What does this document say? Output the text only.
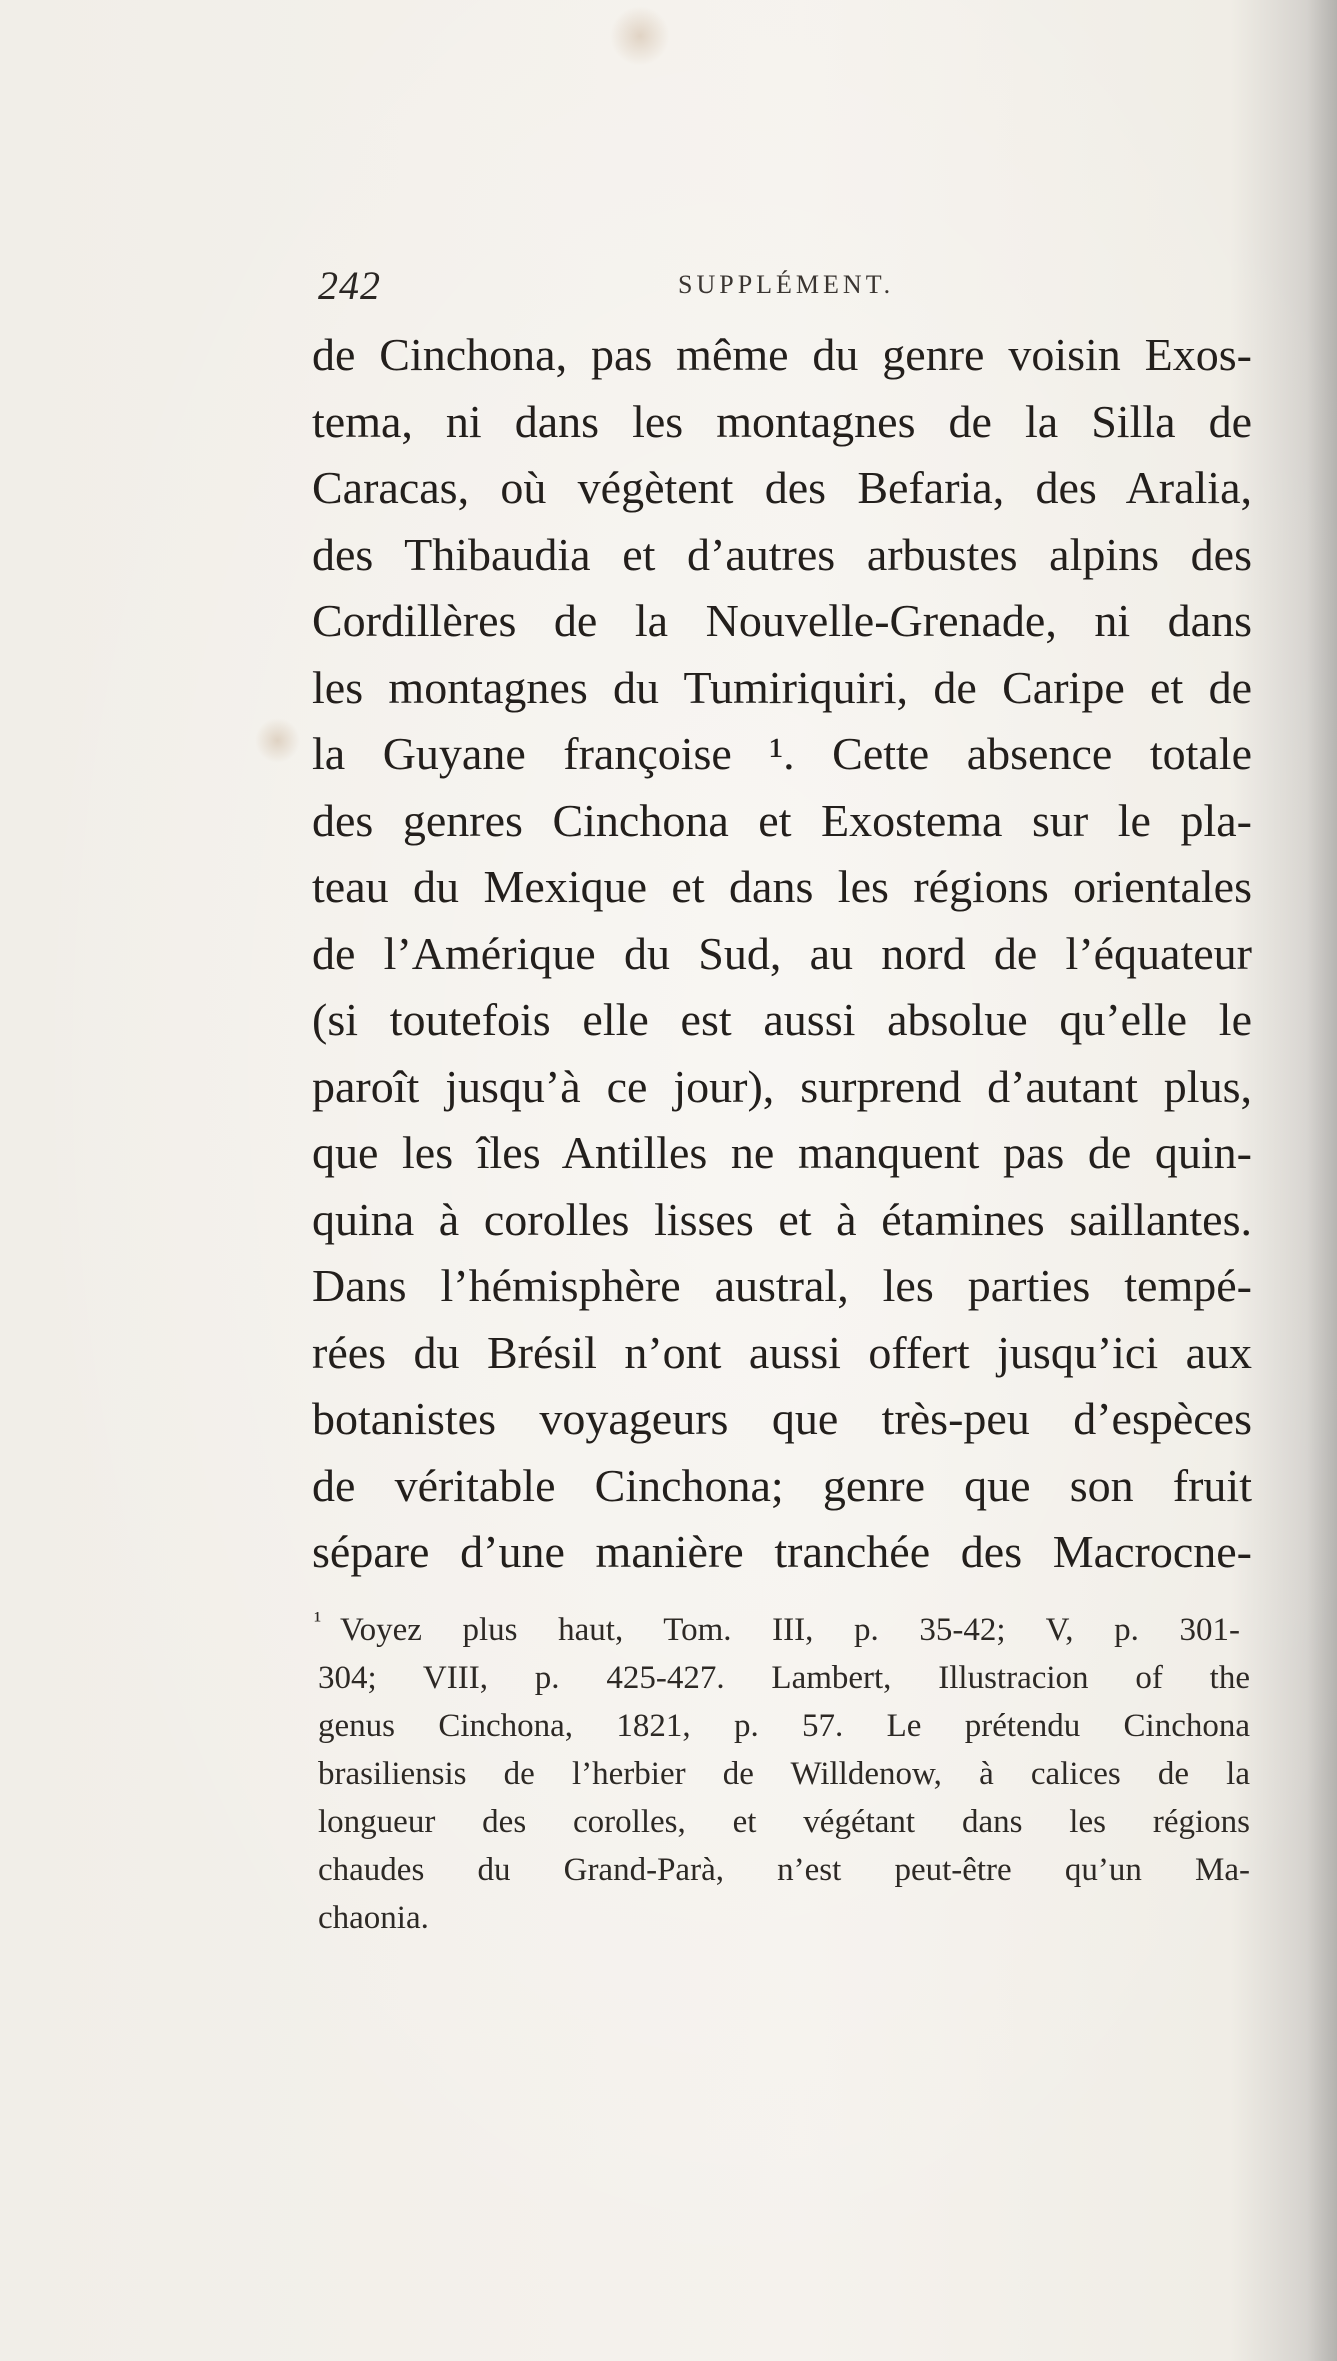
242	SUPPLÉMENT.
de Cinchona, pas même du genre voisin Exos-
tema, ni dans les montagnes de la Silla de
Caracas, où végètent des Befaria, des Aralia,
des Thibaudia et d’autres arbustes alpins des
Cordillères de la Nouvelle-Grenade, ni dans
les montagnes du Tumiriquiri, de Caripe et de
la Guyane françoise ¹. Cette absence totale
des genres Cinchona et Exostema sur le pla-
teau du Mexique et dans les régions orientales
de l’Amérique du Sud, au nord de l’équateur
(si toutefois elle est aussi absolue qu’elle le
paroît jusqu’à ce jour), surprend d’autant plus,
que les îles Antilles ne manquent pas de quin-
quina à corolles lisses et à étamines saillantes.
Dans l’hémisphère austral, les parties tempé-
rées du Brésil n’ont aussi offert jusqu’ici aux
botanistes voyageurs que très-peu d’espèces
de véritable Cinchona; genre que son fruit
sépare d’une manière tranchée des Macrocne-
¹ Voyez plus haut, Tom. III, p. 35-42; V, p. 301-
304; VIII, p. 425-427. Lambert, Illustracion of the
genus Cinchona, 1821, p. 57. Le prétendu Cinchona
brasiliensis de l’herbier de Willdenow, à calices de la
longueur des corolles, et végétant dans les régions
chaudes du Grand-Parà, n’est peut-être qu’un Ma-
chaonia.
